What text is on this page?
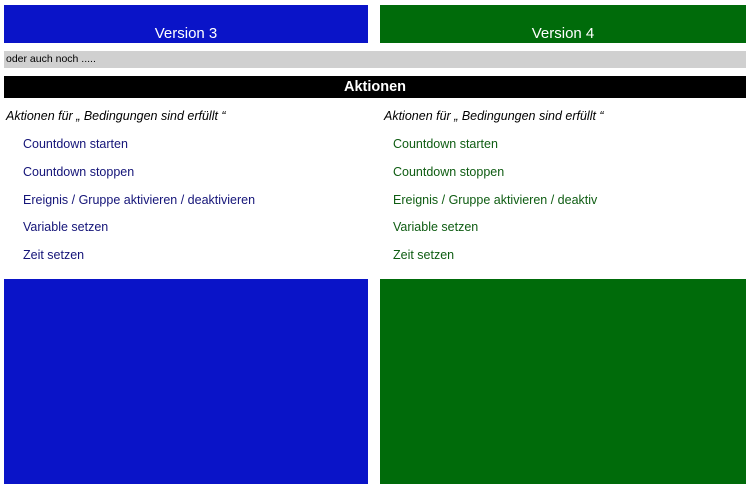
Version 3	Version 4
oder auch noch .....
Aktionen
Aktionen für „ Bedingungen sind erfüllt “	Aktionen für „ Bedingungen sind erfüllt “
Countdown starten
Countdown stoppen
Ereignis / Gruppe aktivieren / deaktivieren
Variable setzen
Zeit setzen
Countdown starten
Countdown stoppen
Ereignis / Gruppe aktivieren / deaktiv
Variable setzen
Zeit setzen
